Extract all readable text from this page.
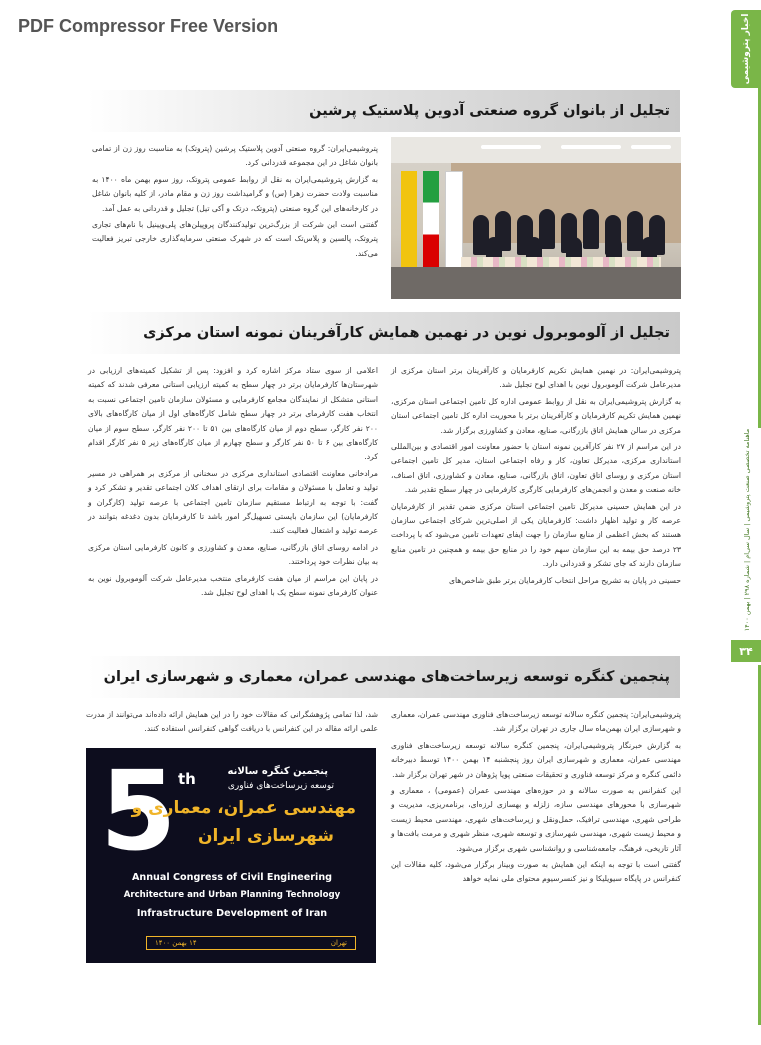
PDF Compressor Free Version	اخبار پتروشیمی
ماهنامه تخصصی صنعت پتروشیمی | سال سی‌ام | شماره ۲۹۸ | بهمن ۱۴۰۰
۳۴
تجلیل از بانوان گروه صنعتی آدوین پلاستیک پرشین

پتروشیمی‌ایران: گروه صنعتی آدوین پلاستیک پرشین (پتروتک) به مناسبت روز زن از تمامی بانوان شاغل در این مجموعه قدردانی کرد.

به گزارش پتروشیمی‌ایران به نقل از روابط عمومی پتروتک، روز سوم بهمن ماه ۱۴۰۰ به مناسبت ولادت حضرت زهرا (س) و گرامیداشت روز زن و مقام مادر، از کلیه بانوان شاغل در کارخانه‌های این گروه صنعتی (پتروتک، درتک و آکی تیل) تجلیل و قدردانی به عمل آمد.

گفتنی است این شرکت از بزرگ‌ترین تولیدکنندگان پروپیلن‌های پلی‌ویینیل با نام‌های تجاری پتروتک، پالسین و پلاس‌تک است که در شهرک صنعتی سرمایه‌گذاری خارجی تبریز فعالیت می‌کند.

تجلیل از آلوموبرول نوین در نهمین همایش کارآفرینان نمونه استان مرکزی

پتروشیمی‌ایران: در نهمین همایش تکریم کارفرمایان و کارآفرینان برتر استان مرکزی از مدیرعامل شرکت آلوموبرول نوین با اهدای لوح تجلیل شد.

به گزارش پتروشیمی‌ایران به نقل از روابط عمومی اداره کل تامین اجتماعی استان مرکزی، نهمین همایش تکریم کارفرمایان و کارآفرینان برتر با محوریت اداره کل تامین اجتماعی استان مرکزی در سالن همایش اتاق بازرگانی، صنایع، معادن و کشاورزی برگزار شد.

در این مراسم از ۲۷ نفر کارآفرین نمونه استان با حضور معاونت امور اقتصادی و بین‌المللی استانداری مرکزی، مدیرکل تعاون، کار و رفاه اجتماعی استان، مدیر کل تامین اجتماعی استان مرکزی و روسای اتاق تعاون، اتاق بازرگانی، صنایع، معادن و کشاورزی، اتاق اصناف، خانه صنعت و معدن و انجمن‌های کارفرمایی کارگری کارفرمایی در چهار سطح تقدیر شد.

در این همایش حسینی مدیرکل تامین اجتماعی استان مرکزی ضمن تقدیر از کارفرمایان عرصه کار و تولید اظهار داشت: کارفرمایان یکی از اصلی‌ترین شرکای اجتماعی سازمان هستند که بخش اعظمی از منابع سازمان را جهت ایفای تعهدات تامین می‌شود که با پرداخت ۲۳ درصد حق بیمه به این سازمان سهم خود را در منابع حق بیمه و همچنین در تامین منابع سازمان دارند که جای تشکر و قدردانی دارد.

حسینی در پایان به تشریح مراحل انتخاب کارفرمایان برتر طبق شاخص‌های

اعلامی از سوی ستاد مرکز اشاره کرد و افزود: پس از تشکیل کمیته‌های ارزیابی در شهرستان‌ها کارفرمایان برتر در چهار سطح به کمیته ارزیابی استانی معرفی شدند که کمیته استانی متشکل از نمایندگان مجامع کارفرمایی و مسئولان سازمان تامین اجتماعی نسبت به انتخاب هفت کارفرمای برتر در چهار سطح شامل کارگاه‌های اول از میان کارگاه‌های بالای ۲۰۰ نفر کارگر، سطح دوم از میان کارگاه‌های بین ۵۱ تا ۲۰۰ نفر کارگر، سطح سوم از میان کارگاه‌های بین ۶ تا ۵۰ نفر کارگر و سطح چهارم از میان کارگاه‌های زیر ۵ نفر کارگر اقدام کرد.

مرادخانی معاونت اقتصادی استانداری مرکزی در سخنانی از مرکزی بر همراهی در مسیر تولید و تعامل با مسئولان و مقامات برای ارتقای اهداف کلان اجتماعی تقدیر و تشکر کرد و گفت: با توجه به ارتباط مستقیم سازمان تامین اجتماعی با عرصه تولید (کارگران و کارفرمایان) این سازمان بایستی تسهیل‌گر امور باشد تا کارفرمایان بدون دغدغه بتوانند در عرصه تولید و اشتغال فعالیت کنند.

در ادامه روسای اتاق بازرگانی، صنایع، معدن و کشاورزی و کانون کارفرمایی استان مرکزی به بیان نظرات خود پرداختند.

در پایان این مراسم از میان هفت کارفرمای منتخب مدیرعامل شرکت آلوموبرول نوین به عنوان کارفرمای نمونه سطح یک با اهدای لوح تجلیل شد.

پنجمین کنگره توسعه زیرساخت‌های مهندسی عمران، معماری و شهرسازی ایران

پتروشیمی‌ایران: پنجمین کنگره سالانه توسعه زیرساخت‌های فناوری مهندسی عمران، معماری و شهرسازی ایران بهمن‌ماه سال جاری در تهران برگزار شد.

به گزارش خبرنگار پتروشیمی‌ایران، پنجمین کنگره سالانه توسعه زیرساخت‌های فناوری مهندسی عمران، معماری و شهرسازی ایران روز پنجشنبه ۱۴ بهمن ۱۴۰۰ توسط دبیرخانه دائمی کنگره و مرکز توسعه فناوری و تحقیقات صنعتی پویا پژوهان در شهر تهران برگزار شد.

این کنفرانس به صورت سالانه و در حوزه‌های مهندسی عمران (عمومی) ، معماری و شهرسازی با محورهای مهندسی سازه، زلزله و بهسازی لرزه‌ای، برنامه‌ریزی، مدیریت و طراحی شهری، مهندسی ترافیک، حمل‌ونقل و زیرساخت‌های شهری، مهندسی محیط زیست و محیط زیست شهری، مهندسی شهرسازی و توسعه شهری، منظر شهری و مرمت بافت‌ها و آثار تاریخی، فرهنگ، جامعه‌شناسی و روانشناسی شهری برگزار می‌شود.

گفتنی است با توجه به اینکه این همایش به صورت وبینار برگزار می‌شود، کلیه مقالات این کنفرانس در پایگاه سیویلیکا و نیز کنسرسیوم محتوای ملی نمایه خواهد

شد، لذا تمامی پژوهشگرانی که مقالات خود را در این همایش ارائه داده‌اند می‌توانند از مدرت علمی ارائه مقاله در این کنفرانس با دریافت گواهی کنفرانس استفاده کنند.

5 th	پنجمین کنگره سالانه
توسعه زیرساخت‌های فناوری
مهندسی عمران، معماری و
شهرسازی ایران
Annual Congress of Civil Engineering
Architecture and Urban Planning Technology
Infrastructure Development of Iran
تهران
۱۴ بهمن ۱۴۰۰
